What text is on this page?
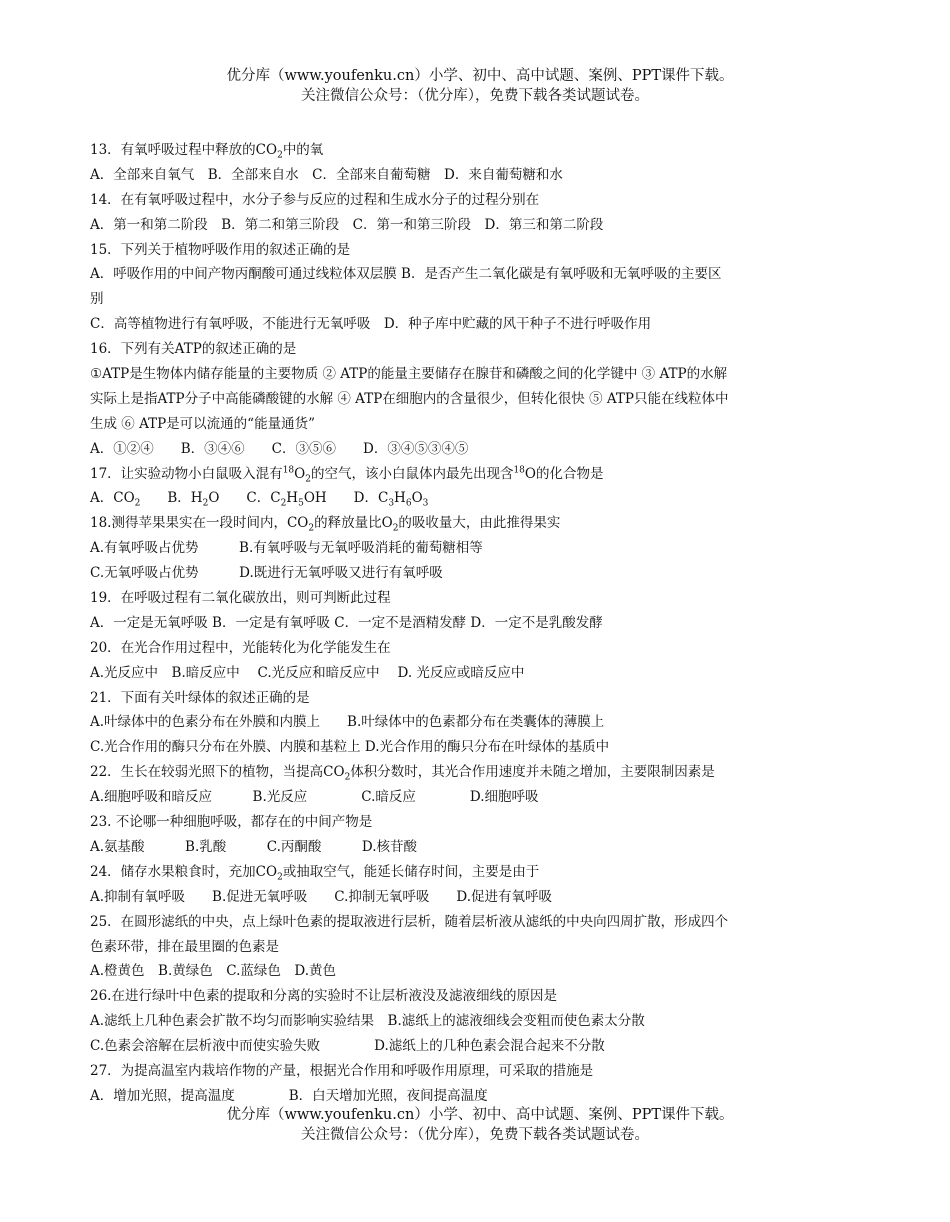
优分库（www.youfenku.cn）小学、初中、高中试题、案例、PPT课件下载。
关注微信公众号：（优分库），免费下载各类试题试卷。
13．有氧呼吸过程中释放的$CO_2$中的氧
A．全部来自氧气　B．全部来自水　C．全部来自葡萄糖　D．来自葡萄糖和水
14．在有氧呼吸过程中，水分子参与反应的过程和生成水分子的过程分别在
A．第一和第二阶段　B．第二和第三阶段　C．第一和第三阶段　D．第三和第二阶段
15．下列关于植物呼吸作用的叙述正确的是
A．呼吸作用的中间产物丙酮酸可通过线粒体双层膜 B．是否产生二氧化碳是有氧呼吸和无氧呼吸的主要区
别
C．高等植物进行有氧呼吸，不能进行无氧呼吸　D．种子库中贮藏的风干种子不进行呼吸作用
16．下列有关ATP的叙述正确的是
①ATP是生物体内储存能量的主要物质 ② ATP的能量主要储存在腺苷和磷酸之间的化学键中 ③ ATP的水解
实际上是指ATP分子中高能磷酸键的水解 ④ ATP在细胞内的含量很少，但转化很快 ⑤ ATP只能在线粒体中
生成 ⑥ ATP是可以流通的“能量通货”
A．①②④　　B．③④⑥　　C．③⑤⑥　　D．③④⑤③④⑤
17．让实验动物小白鼠吸入混有$^{18}O_2$的空气，该小白鼠体内最先出现含$^{18}$O的化合物是
A．$CO_2$　　B．$H_2O$　　C．$C_2H_5OH$　　D．$C_3H_6O_3$
18.测得苹果果实在一段时间内，$CO_2$的释放量比$O_2$的吸收量大，由此推得果实
A.有氧呼吸占优势　　　B.有氧呼吸与无氧呼吸消耗的葡萄糖相等
C.无氧呼吸占优势　　　D.既进行无氧呼吸又进行有氧呼吸
19．在呼吸过程有二氧化碳放出，则可判断此过程
A．一定是无氧呼吸 B．一定是有氧呼吸 C．一定不是酒精发酵 D．一定不是乳酸发酵
20．在光合作用过程中，光能转化为化学能发生在
A.光反应中　B.暗反应中　 C.光反应和暗反应中　 D. 光反应或暗反应中
21．下面有关叶绿体的叙述正确的是
A.叶绿体中的色素分布在外膜和内膜上　　B.叶绿体中的色素都分布在类囊体的薄膜上
C.光合作用的酶只分布在外膜、内膜和基粒上 D.光合作用的酶只分布在叶绿体的基质中
22．生长在较弱光照下的植物，当提高$CO_2$体积分数时，其光合作用速度并未随之增加，主要限制因素是
A.细胞呼吸和暗反应　　　B.光反应　　　　C.暗反应　　　　D.细胞呼吸
23. 不论哪一种细胞呼吸，都存在的中间产物是
A.氨基酸　　　B.乳酸　　　C.丙酮酸　　　D.核苷酸
24．储存水果粮食时，充加$CO_2$或抽取空气，能延长储存时间，主要是由于
A.抑制有氧呼吸　　B.促进无氧呼吸　　C.抑制无氧呼吸　　D.促进有氧呼吸
25．在圆形滤纸的中央，点上绿叶色素的提取液进行层析，随着层析液从滤纸的中央向四周扩散，形成四个
色素环带，排在最里圈的色素是
A.橙黄色　B.黄绿色　C.蓝绿色　D.黄色
26.在进行绿叶中色素的提取和分离的实验时不让层析液没及滤液细线的原因是
A.滤纸上几种色素会扩散不均匀而影响实验结果　B.滤纸上的滤液细线会变粗而使色素太分散
C.色素会溶解在层析液中而使实验失败　　　　D.滤纸上的几种色素会混合起来不分散
27．为提高温室内栽培作物的产量，根据光合作用和呼吸作用原理，可采取的措施是
A．增加光照，提高温度　　　　B．白天增加光照，夜间提高温度
优分库（www.youfenku.cn）小学、初中、高中试题、案例、PPT课件下载。
关注微信公众号：（优分库），免费下载各类试题试卷。
